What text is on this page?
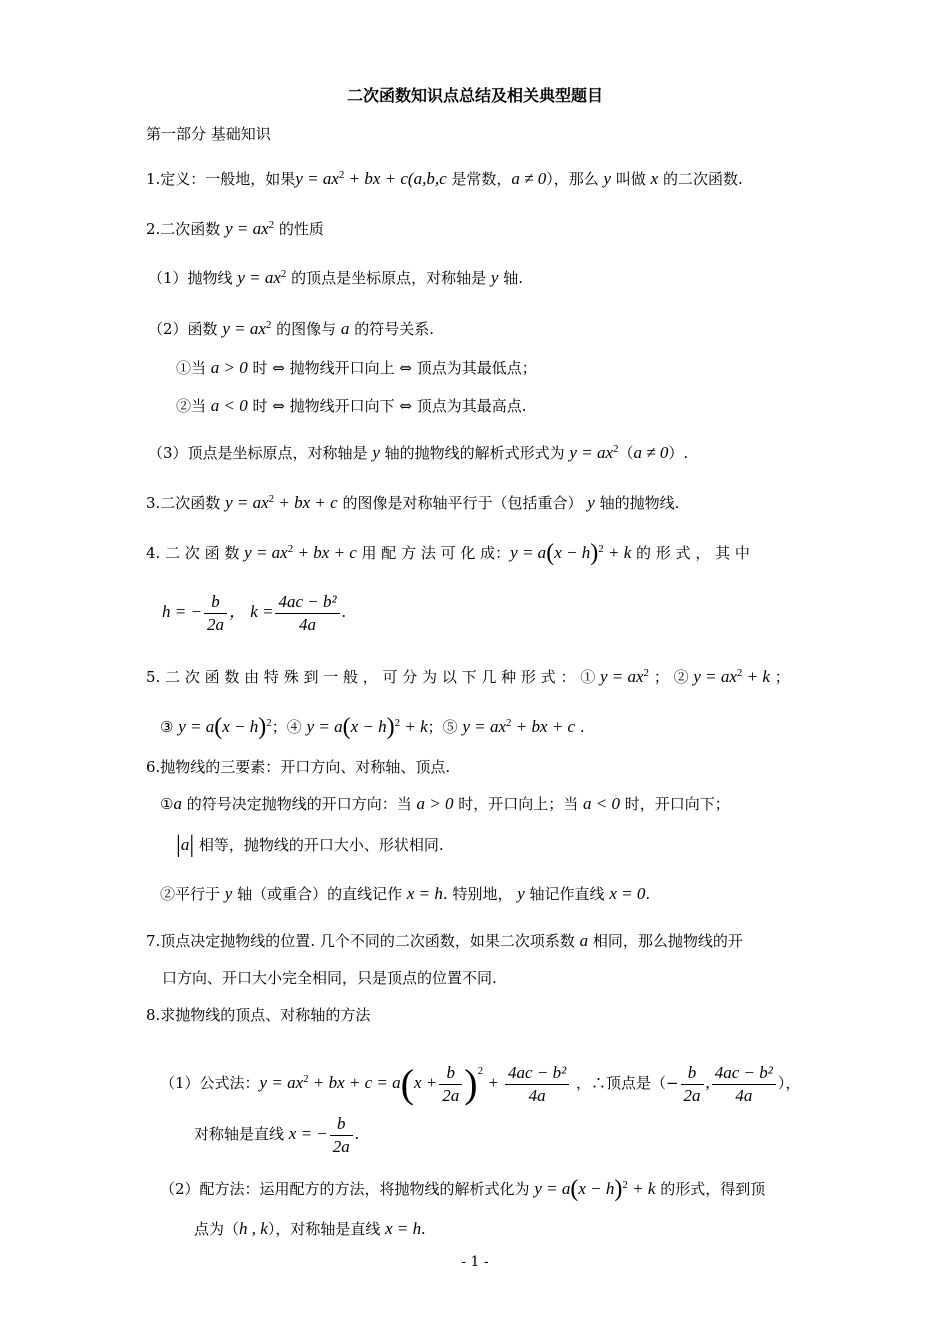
二次函数知识点总结及相关典型题目
第一部分 基础知识
1.定义：一般地，如果$y = ax^2$ + bx + c(a,b,c 是常数，a ≠ 0），那么 y 叫做 x 的二次函数.
2.二次函数 $y = ax^2$ 的性质
（1）抛物线 $y = ax^2$ 的顶点是坐标原点，对称轴是 y 轴.
（2）函数 $y = ax^2$ 的图像与 a 的符号关系.
①当 a > 0 时 ⇔ 抛物线开口向上 ⇔ 顶点为其最低点；
②当 a < 0 时 ⇔ 抛物线开口向下 ⇔ 顶点为其最高点.
（3）顶点是坐标原点，对称轴是 y 轴的抛物线的解析式形式为 $y = ax^2(a \ne 0)$.
3.二次函数 $y = ax^2$ + bx + c 的图像是对称轴平行于（包括重合） y 轴的抛物线.
4. 二 次 函 数 $y = ax^2$ + bx + c 用 配 方 法 可 化 成：$y = a(x - h)^2 + k$ 的 形 式 ， 其 中
h = − $\frac{b}{2a}$ ， $k = \frac{\text{4ac − b²}}{4a}$ .
5. 二 次 函 数 由 特 殊 到 一 般 ， 可 分 为 以 下 几 种 形 式 ： ① $y = ax^2$ ； ② $y = ax^2 + k$ ；
③ $y = a(x - h)^2$；④ $y = a(x - h)^2 + k$；⑤ $y = ax^2$ + bx + c .
6.抛物线的三要素：开口方向、对称轴、顶点.
①a 的符号决定抛物线的开口方向：当 a > 0 时，开口向上；当 a < 0 时，开口向下；
|a| 相等，抛物线的开口大小、形状相同.
②平行于 y 轴（或重合）的直线记作 x = h. 特别地， y 轴记作直线 x = 0.
7.顶点决定抛物线的位置. 几个不同的二次函数，如果二次项系数 a 相同，那么抛物线的开
口方向、开口大小完全相同，只是顶点的位置不同.
8.求抛物线的顶点、对称轴的方法
（1）公式法：$y = ax^2$ + bx + $c = a(x + \frac{b}{2a} )^2 + \frac{\text{4ac − b²}}{4a}$ ，∴顶点是（− $\frac{b}{2a}$ , $\frac{\text{4ac − b²}}{4a}$ ），
对称轴是直线 x = − $\frac{b}{2a}$ .
（2）配方法：运用配方的方法，将抛物线的解析式化为 $y = a(x - h)^2 + k$ 的形式，得到顶
点为（h , k），对称轴是直线 x = h.
- 1 -
